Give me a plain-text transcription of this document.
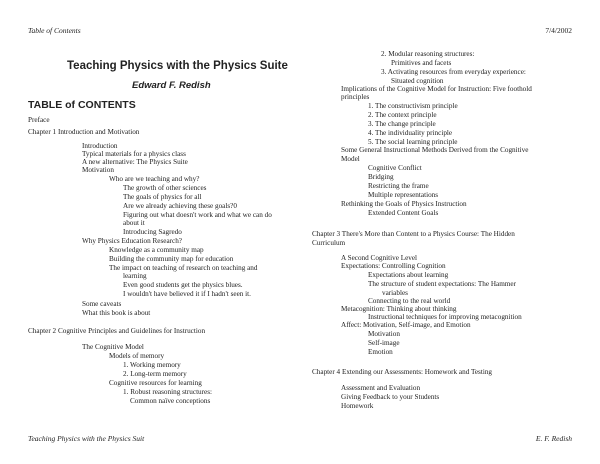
Table of Contents	7/4/2002
Teaching Physics with the Physics Suite
Edward F. Redish
TABLE of CONTENTS
Preface
Chapter 1 Introduction and Motivation
Introduction
Typical materials for a physics class
A new alternative: The Physics Suite
Motivation
Who are we teaching and why?
The growth of other sciences
The goals of physics for all
Are we already achieving these goals?0
Figuring out what doesn't work and what we can do
about it
Introducing Sagredo
Why Physics Education Research?
Knowledge as a community map
Building the community map for education
The impact on teaching of research on teaching and
learning
Even good students get the physics blues.
I wouldn't have believed it if I hadn't seen it.
Some caveats
What this book is about
Chapter 2 Cognitive Principles and Guidelines for Instruction
The Cognitive Model
Models of memory
1. Working memory
2. Long-term memory
Cognitive resources for learning
1. Robust reasoning structures:
Common naïve conceptions
2. Modular reasoning structures:
Primitives and facets
3. Activating resources from everyday experience:
Situated cognition
Implications of the Cognitive Model for Instruction: Five foothold
principles
1. The constructivism principle
2. The context principle
3. The change principle
4. The individuality principle
5. The social learning principle
Some General Instructional Methods Derived from the Cognitive
Model
Cognitive Conflict
Bridging
Restricting the frame
Multiple representations
Rethinking the Goals of Physics Instruction
Extended Content Goals
Chapter 3 There's More than Content to a Physics Course: The Hidden
Curriculum
A Second Cognitive Level
Expectations: Controlling Cognition
Expectations about learning
The structure of student expectations: The Hammer
variables
Connecting to the real world
Metacognition: Thinking about thinking
Instructional techniques for improving metacognition
Affect: Motivation, Self-image, and Emotion
Motivation
Self-image
Emotion
Chapter 4 Extending our Assessments: Homework and Testing
Assessment and Evaluation
Giving Feedback to your Students
Homework
Teaching Physics with the Physics Suit	E. F. Redish
